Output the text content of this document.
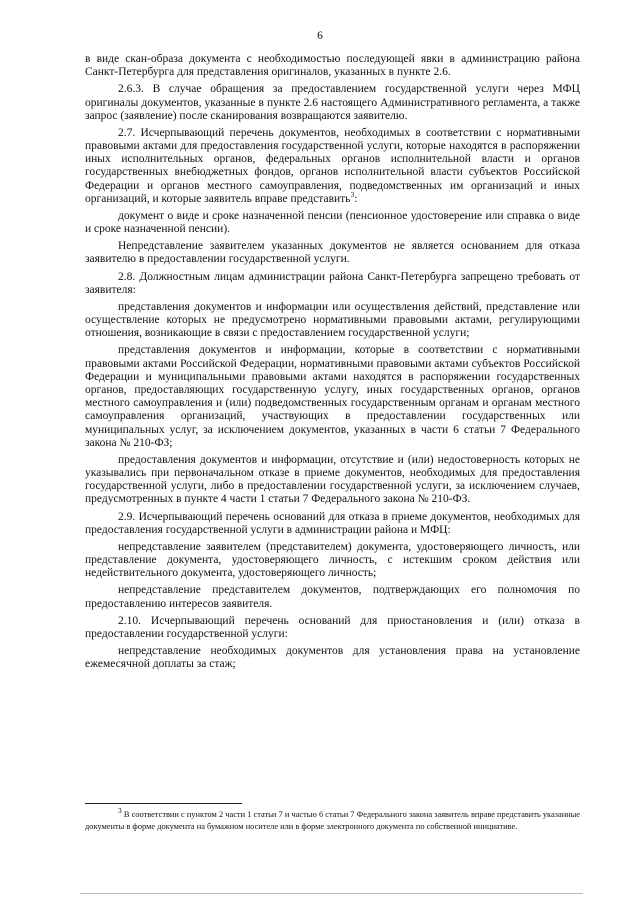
6

в виде скан-образа документа с необходимостью последующей явки в администрацию района Санкт-Петербурга для представления оригиналов, указанных в пункте 2.6.

2.6.3. В случае обращения за предоставлением государственной услуги через МФЦ оригиналы документов, указанные в пункте 2.6 настоящего Административного регламента, а также запрос (заявление) после сканирования возвращаются заявителю.

2.7. Исчерпывающий перечень документов, необходимых в соответствии с нормативными правовыми актами для предоставления государственной услуги, которые находятся в распоряжении иных исполнительных органов, федеральных органов исполнительной власти и органов государственных внебюджетных фондов, органов исполнительной власти субъектов Российской Федерации и органов местного самоуправления, подведомственных им организаций и иных организаций, и которые заявитель вправе представить$^3$:

документ о виде и сроке назначенной пенсии (пенсионное удостоверение или справка о виде и сроке назначенной пенсии).

Непредставление заявителем указанных документов не является основанием для отказа заявителю в предоставлении государственной услуги.

2.8. Должностным лицам администрации района Санкт-Петербурга запрещено требовать от заявителя:

представления документов и информации или осуществления действий, представление или осуществление которых не предусмотрено нормативными правовыми актами, регулирующими отношения, возникающие в связи с предоставлением государственной услуги;

представления документов и информации, которые в соответствии с нормативными правовыми актами Российской Федерации, нормативными правовыми актами субъектов Российской Федерации и муниципальными правовыми актами находятся в распоряжении государственных органов, предоставляющих государственную услугу, иных государственных органов, органов местного самоуправления и (или) подведомственных государственным органам и органам местного самоуправления организаций, участвующих в предоставлении государственных или муниципальных услуг, за исключением документов, указанных в части 6 статьи 7 Федерального закона № 210-ФЗ;

предоставления документов и информации, отсутствие и (или) недостоверность которых не указывались при первоначальном отказе в приеме документов, необходимых для предоставления государственной услуги, либо в предоставлении государственной услуги, за исключением случаев, предусмотренных в пункте 4 части 1 статьи 7 Федерального закона № 210-ФЗ.

2.9. Исчерпывающий перечень оснований для отказа в приеме документов, необходимых для предоставления государственной услуги в администрации района и МФЦ:

непредставление заявителем (представителем) документа, удостоверяющего личность, или представление документа, удостоверяющего личность, с истекшим сроком действия или недействительного документа, удостоверяющего личность;

непредставление представителем документов, подтверждающих его полномочия по предоставлению интересов заявителя.

2.10. Исчерпывающий перечень оснований для приостановления и (или) отказа в предоставлении государственной услуги:

непредставление необходимых документов для установления права на установление ежемесячной доплаты за стаж;

$^3$ В соответствии с пунктом 2 части 1 статьи 7 и частью 6 статьи 7 Федерального закона заявитель вправе представить указанные документы в форме документа на бумажном носителе или в форме электронного документа по собственной инициативе.
